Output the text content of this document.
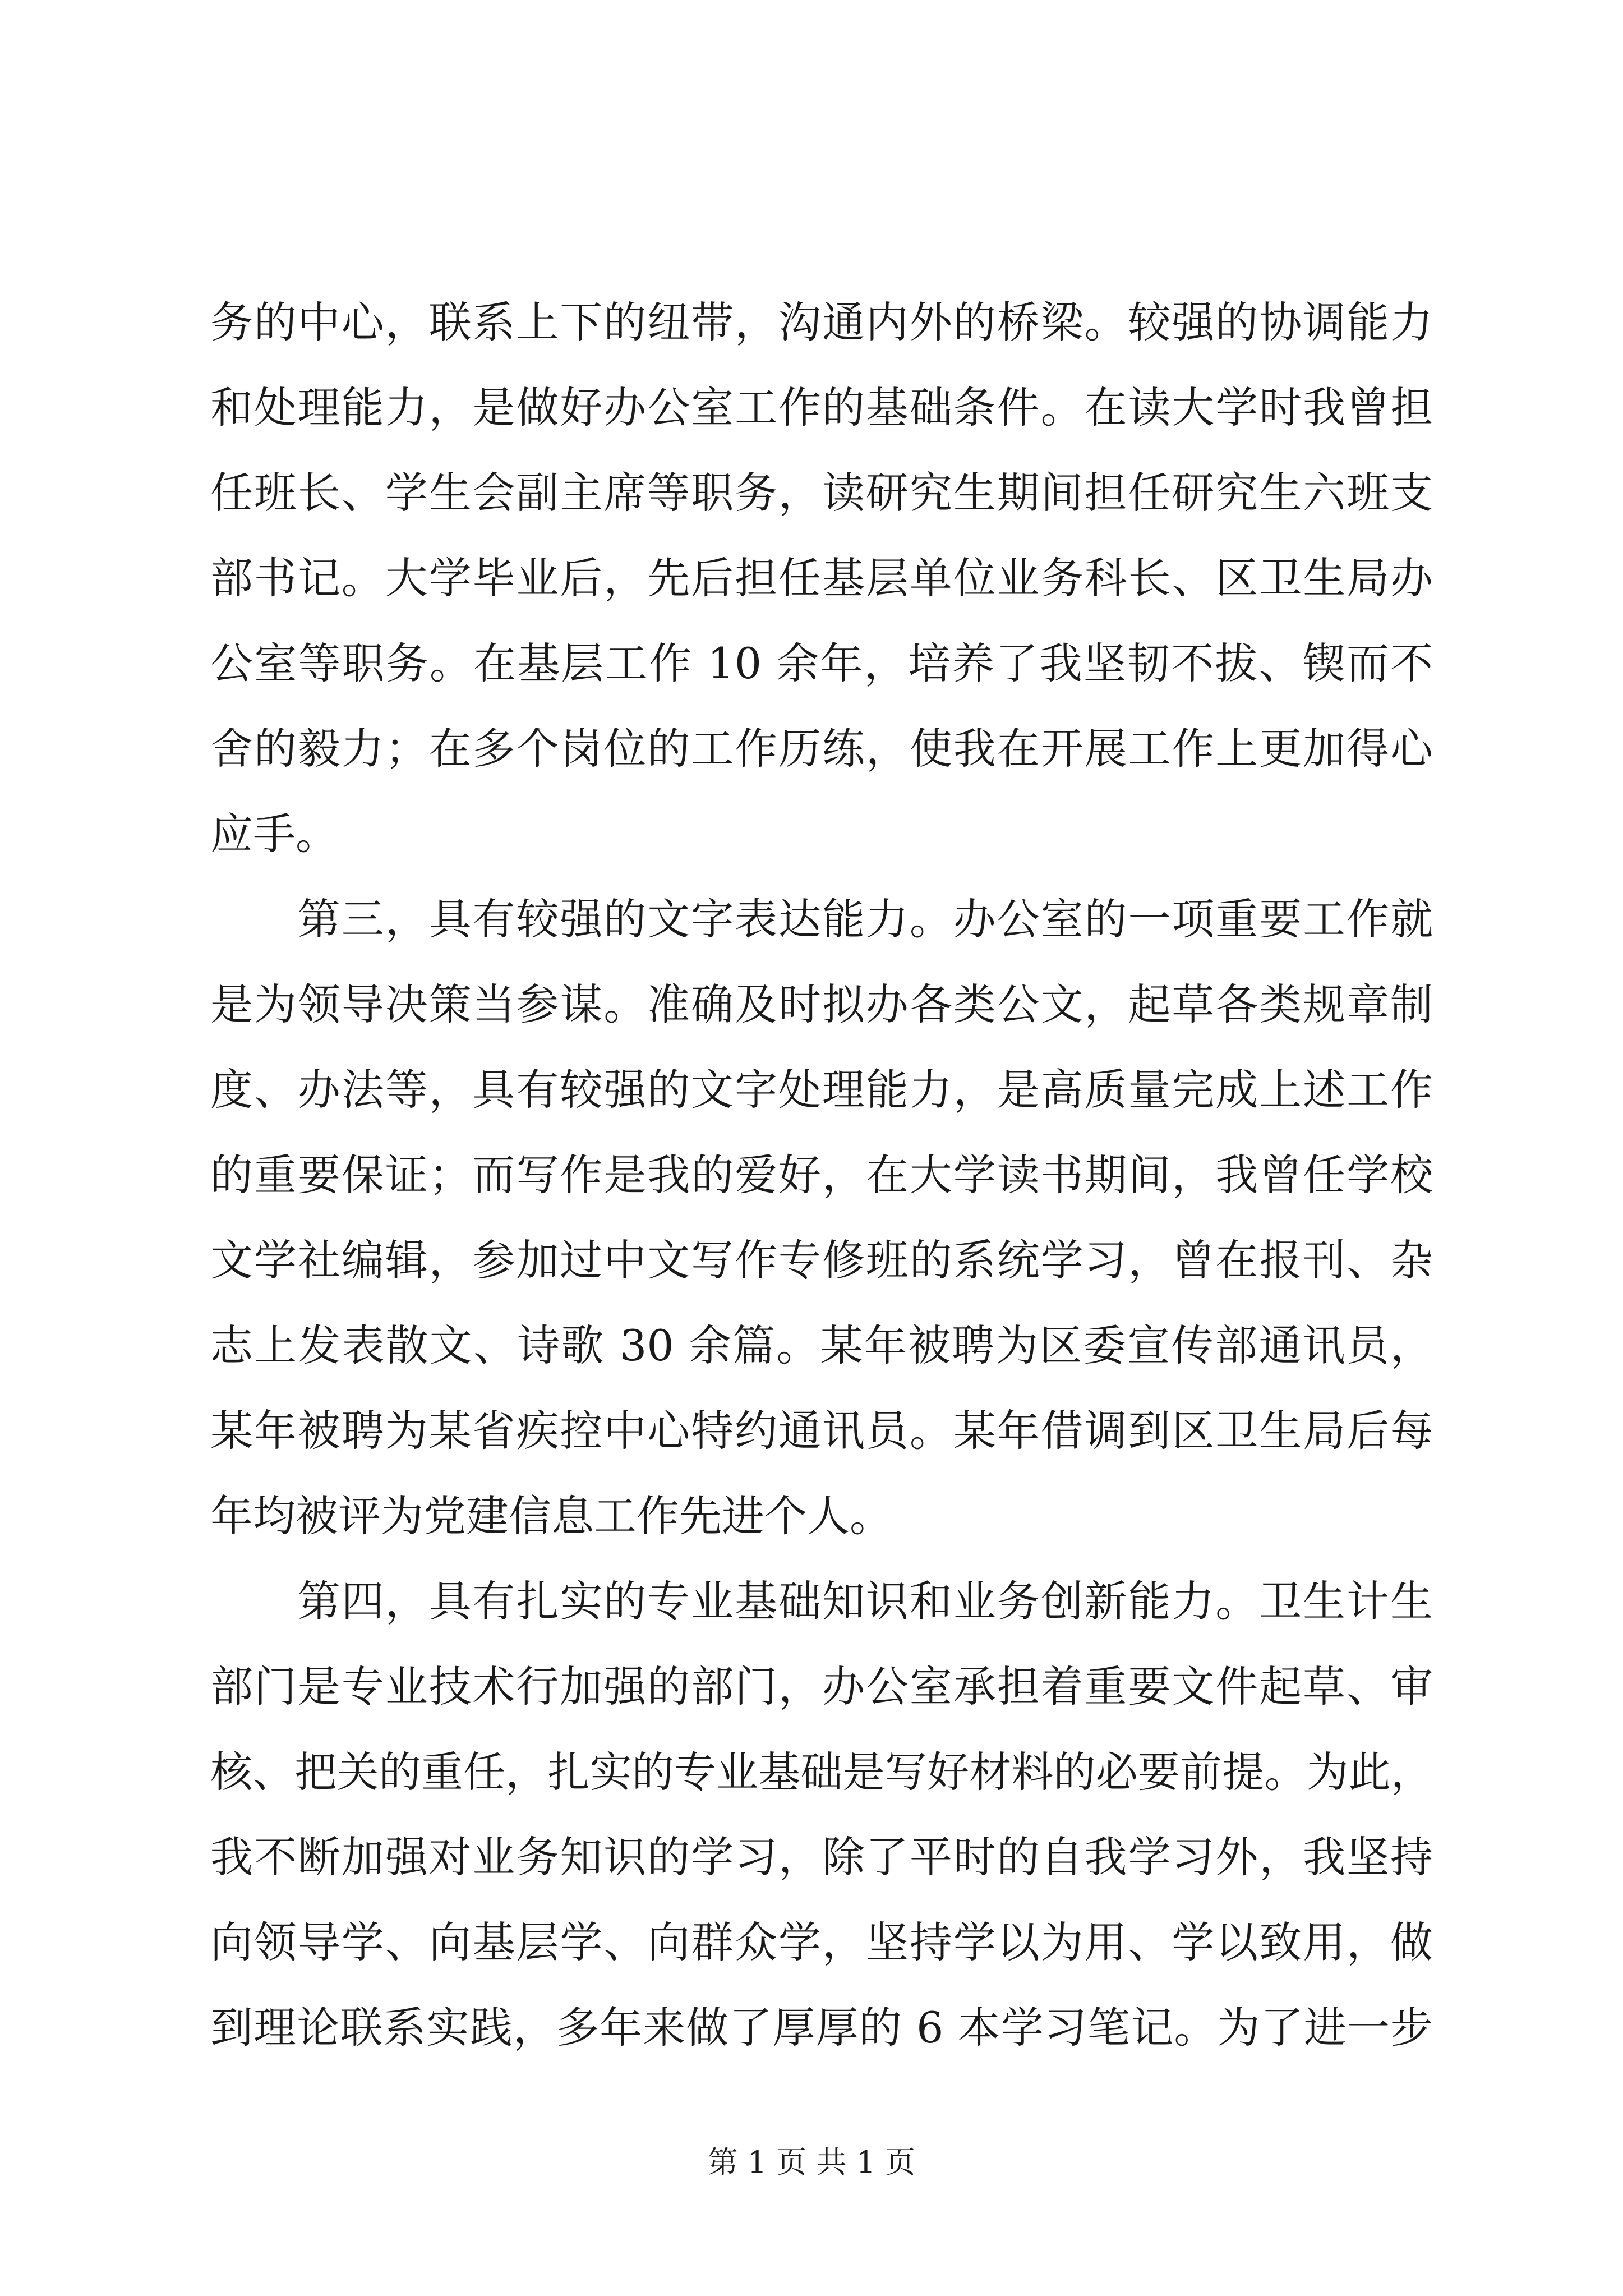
务的中心，联系上下的纽带，沟通内外的桥梁。较强的协调能力
和处理能力，是做好办公室工作的基础条件。在读大学时我曾担
任班长、学生会副主席等职务，读研究生期间担任研究生六班支
部书记。大学毕业后，先后担任基层单位业务科长、区卫生局办
公室等职务。在基层工作 10 余年，培养了我坚韧不拔、锲而不
舍的毅力；在多个岗位的工作历练，使我在开展工作上更加得心
应手。
　　第三，具有较强的文字表达能力。办公室的一项重要工作就
是为领导决策当参谋。准确及时拟办各类公文，起草各类规章制
度、办法等，具有较强的文字处理能力，是高质量完成上述工作
的重要保证；而写作是我的爱好，在大学读书期间，我曾任学校
文学社编辑，参加过中文写作专修班的系统学习，曾在报刊、杂
志上发表散文、诗歌 30 余篇。某年被聘为区委宣传部通讯员，
某年被聘为某省疾控中心特约通讯员。某年借调到区卫生局后每
年均被评为党建信息工作先进个人。
　　第四，具有扎实的专业基础知识和业务创新能力。卫生计生
部门是专业技术行加强的部门，办公室承担着重要文件起草、审
核、把关的重任，扎实的专业基础是写好材料的必要前提。为此，
我不断加强对业务知识的学习，除了平时的自我学习外，我坚持
向领导学、向基层学、向群众学，坚持学以为用、学以致用，做
到理论联系实践，多年来做了厚厚的 6 本学习笔记。为了进一步
第 1 页 共 1 页
